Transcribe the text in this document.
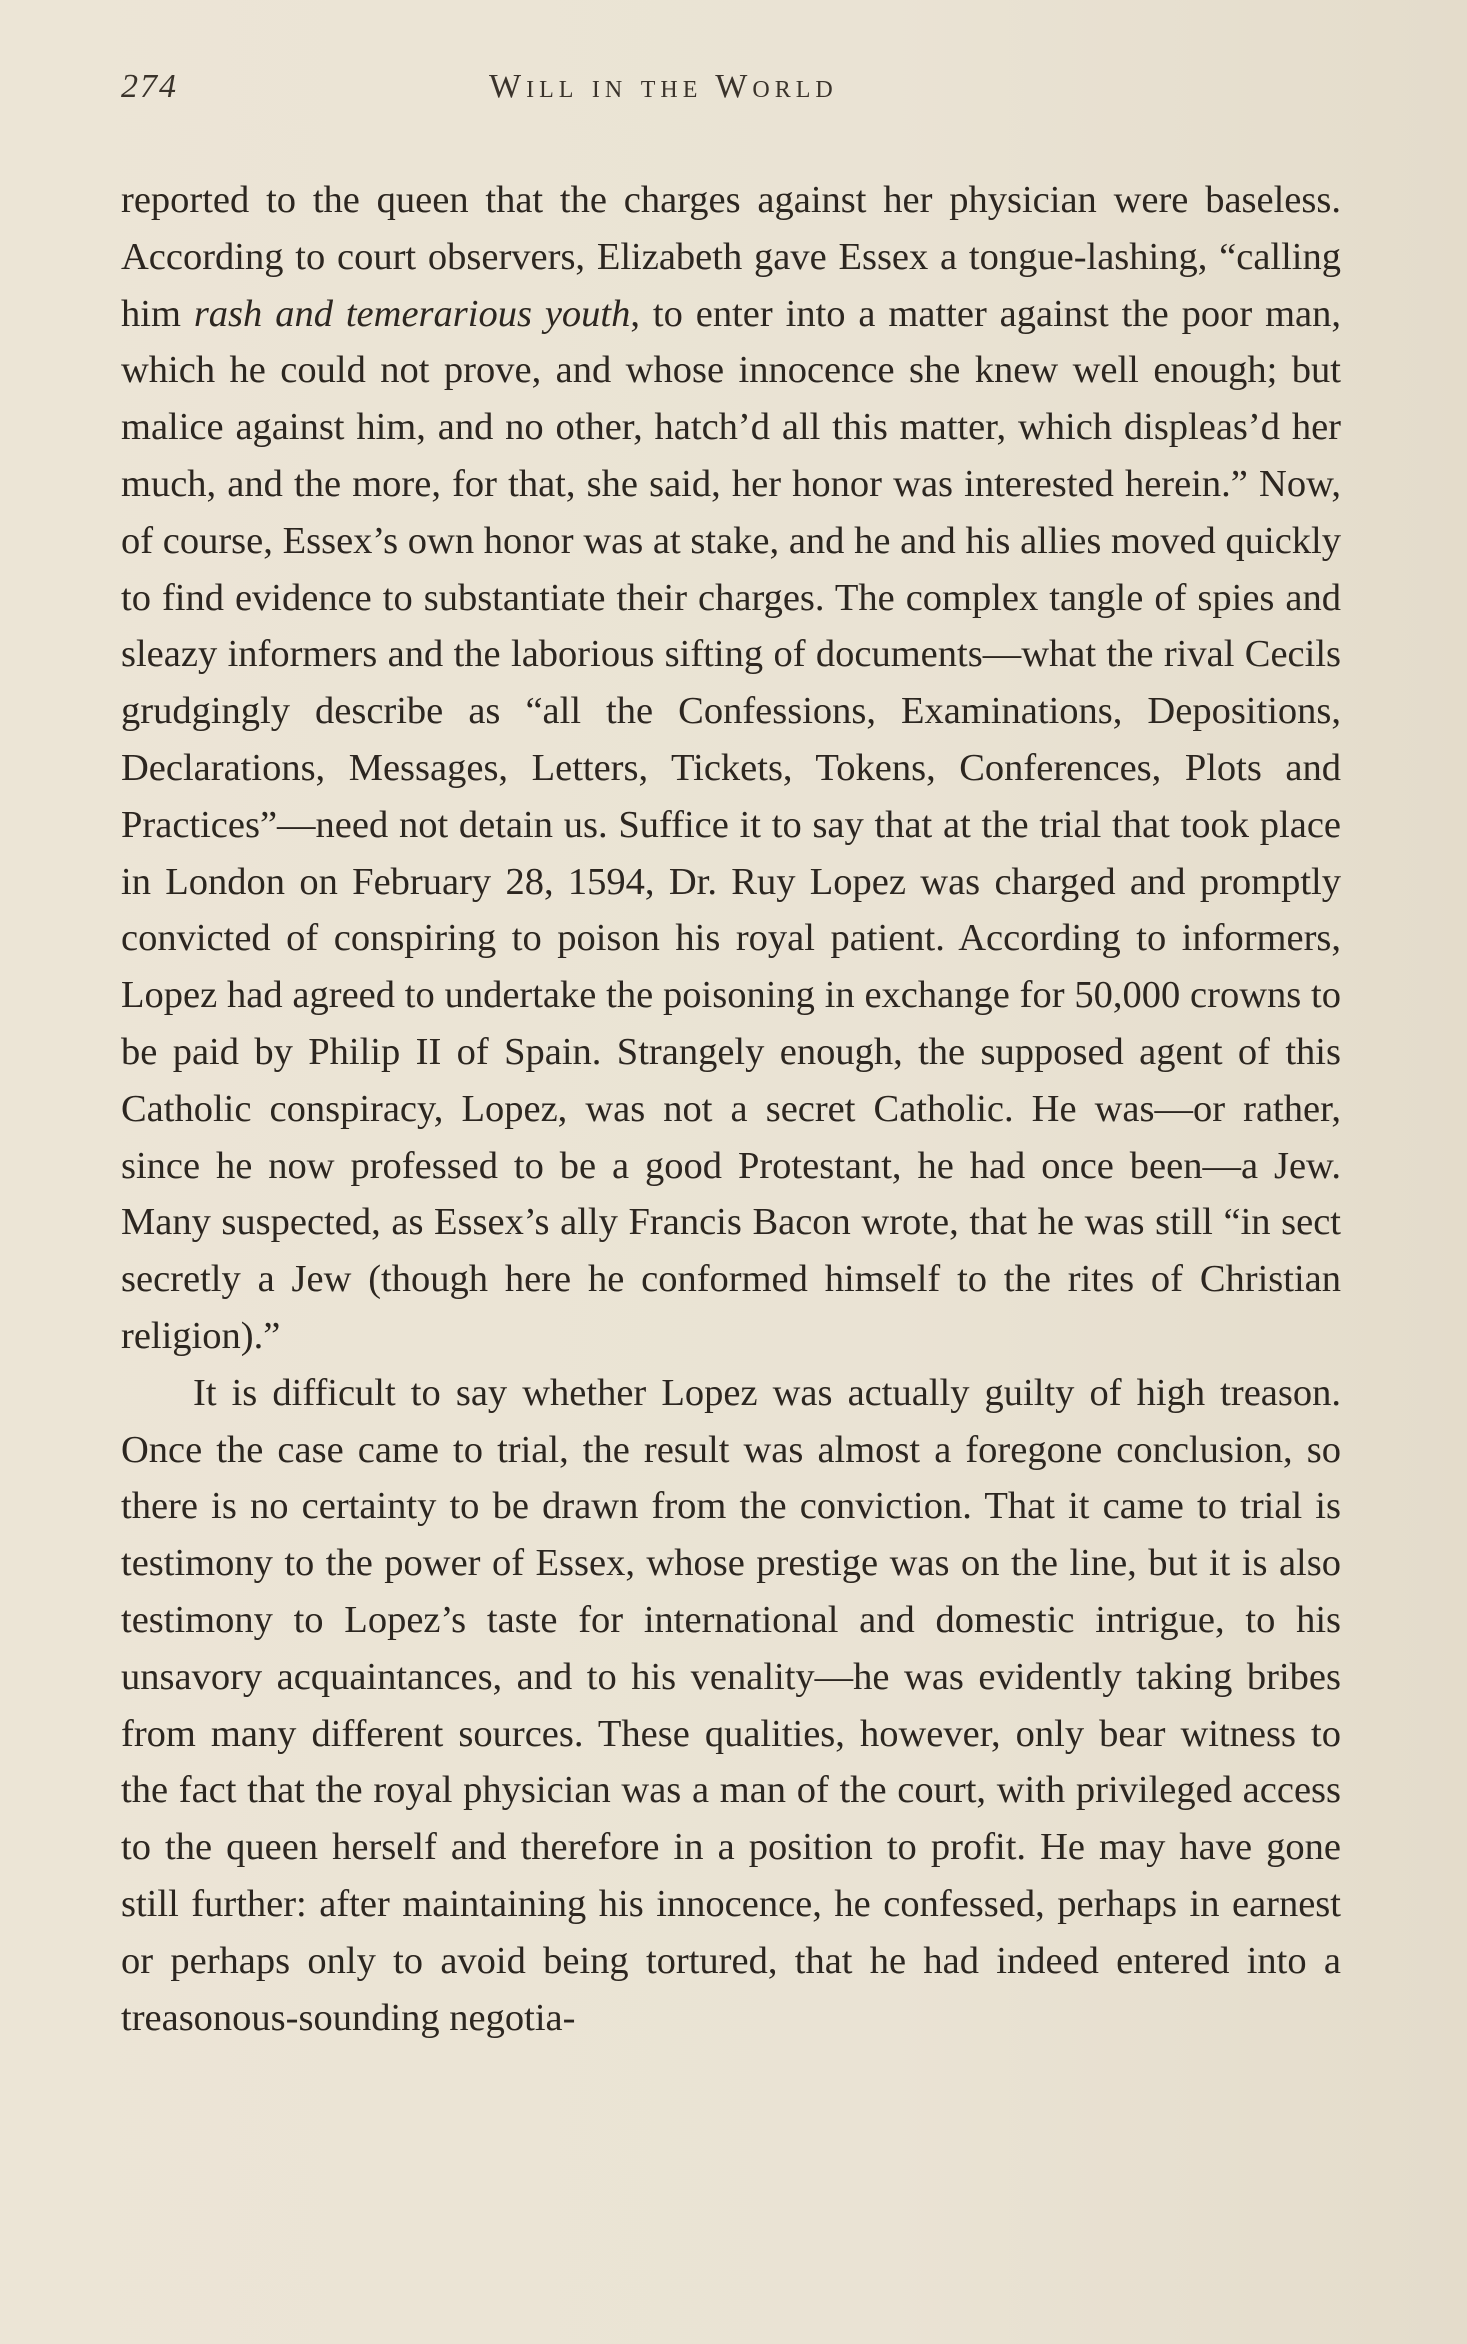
274	Will in the World

reported to the queen that the charges against her physician were baseless. According to court observers, Elizabeth gave Essex a tongue-lashing, “calling him rash and temerarious youth, to enter into a matter against the poor man, which he could not prove, and whose innocence she knew well enough; but malice against him, and no other, hatch’d all this matter, which displeas’d her much, and the more, for that, she said, her honor was interested herein.” Now, of course, Essex’s own honor was at stake, and he and his allies moved quickly to find evidence to substantiate their charges. The complex tangle of spies and sleazy informers and the laborious sifting of documents—what the rival Cecils grudgingly describe as “all the Confessions, Examinations, Depositions, Declarations, Messages, Letters, Tickets, Tokens, Conferences, Plots and Practices”—need not detain us. Suffice it to say that at the trial that took place in London on February 28, 1594, Dr. Ruy Lopez was charged and promptly convicted of conspiring to poison his royal patient. According to informers, Lopez had agreed to undertake the poisoning in exchange for 50,000 crowns to be paid by Philip II of Spain. Strangely enough, the supposed agent of this Catholic conspiracy, Lopez, was not a secret Catholic. He was—or rather, since he now professed to be a good Protestant, he had once been—a Jew. Many suspected, as Essex’s ally Francis Bacon wrote, that he was still “in sect secretly a Jew (though here he conformed himself to the rites of Christian religion).”

It is difficult to say whether Lopez was actually guilty of high treason. Once the case came to trial, the result was almost a foregone conclusion, so there is no certainty to be drawn from the conviction. That it came to trial is testimony to the power of Essex, whose prestige was on the line, but it is also testimony to Lopez’s taste for international and domestic intrigue, to his unsavory acquaintances, and to his venality—he was evidently taking bribes from many different sources. These qualities, however, only bear witness to the fact that the royal physician was a man of the court, with privileged access to the queen herself and therefore in a position to profit. He may have gone still further: after maintaining his innocence, he confessed, perhaps in earnest or perhaps only to avoid being tortured, that he had indeed entered into a treasonous-sounding negotia-
